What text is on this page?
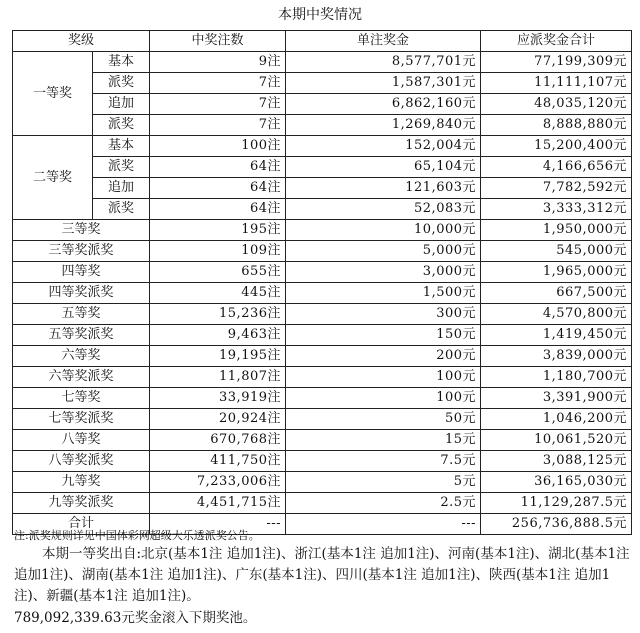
本期中奖情况
奖级		中奖注数	单注奖金	应派奖金合计
一等奖	基本	9注	8,577,701元	77,199,309元
	派奖	7注	1,587,301元	11,111,107元
	追加	7注	6,862,160元	48,035,120元
	派奖	7注	1,269,840元	8,888,880元
二等奖	基本	100注	152,004元	15,200,400元
	派奖	64注	65,104元	4,166,656元
	追加	64注	121,603元	7,782,592元
	派奖	64注	52,083元	3,333,312元
三等奖		195注	10,000元	1,950,000元
三等奖派奖		109注	5,000元	545,000元
四等奖		655注	3,000元	1,965,000元
四等奖派奖		445注	1,500元	667,500元
五等奖		15,236注	300元	4,570,800元
五等奖派奖		9,463注	150元	1,419,450元
六等奖		19,195注	200元	3,839,000元
六等奖派奖		11,807注	100元	1,180,700元
七等奖		33,919注	100元	3,391,900元
七等奖派奖		20,924注	50元	1,046,200元
八等奖		670,768注	15元	10,061,520元
八等奖派奖		411,750注	7.5元	3,088,125元
九等奖		7,233,006注	5元	36,165,030元
九等奖派奖		4,451,715注	2.5元	11,129,287.5元
合计		---	---	256,736,888.5元
注:派奖规则详见中国体彩网超级大乐透派奖公告。
本期一等奖出自:北京(基本1注 追加1注)、浙江(基本1注 追加1注)、河南(基本1注)、湖北(基本1注 追加1注)、湖南(基本1注 追加1注)、广东(基本1注)、四川(基本1注 追加1注)、陕西(基本1注 追加1注)、新疆(基本1注 追加1注)。
789,092,339.63元奖金滚入下期奖池。
